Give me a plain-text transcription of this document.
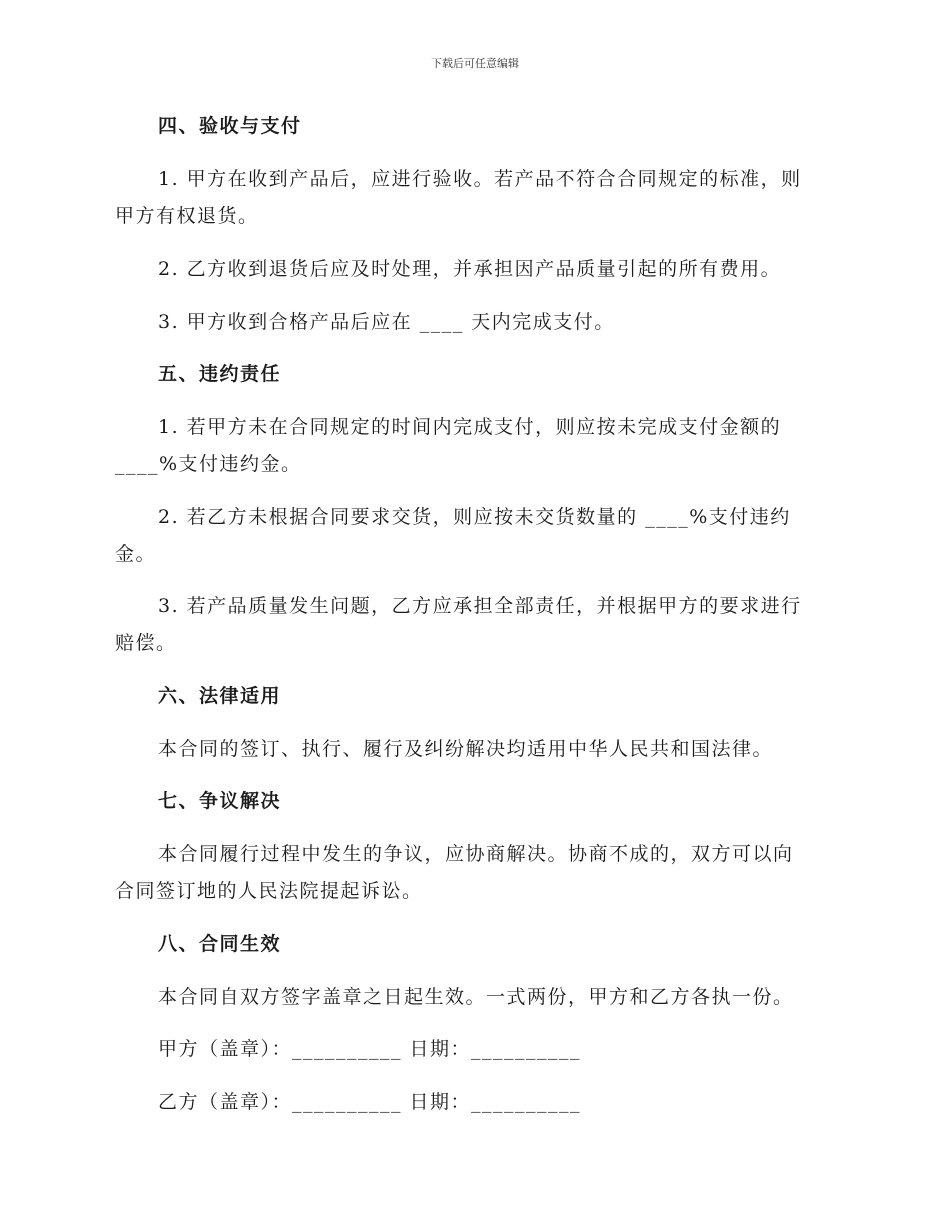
下载后可任意编辑
四、验收与支付
1. 甲方在收到产品后，应进行验收。若产品不符合合同规定的标准，则
甲方有权退货。
2. 乙方收到退货后应及时处理，并承担因产品质量引起的所有费用。
3. 甲方收到合格产品后应在 ____ 天内完成支付。
五、违约责任
1. 若甲方未在合同规定的时间内完成支付，则应按未完成支付金额的
____%支付违约金。
2. 若乙方未根据合同要求交货，则应按未交货数量的 ____%支付违约
金。
3. 若产品质量发生问题，乙方应承担全部责任，并根据甲方的要求进行
赔偿。
六、法律适用
本合同的签订、执行、履行及纠纷解决均适用中华人民共和国法律。
七、争议解决
本合同履行过程中发生的争议，应协商解决。协商不成的，双方可以向
合同签订地的人民法院提起诉讼。
八、合同生效
本合同自双方签字盖章之日起生效。一式两份，甲方和乙方各执一份。
甲方（盖章）：__________ 日期：__________
乙方（盖章）：__________ 日期：__________
